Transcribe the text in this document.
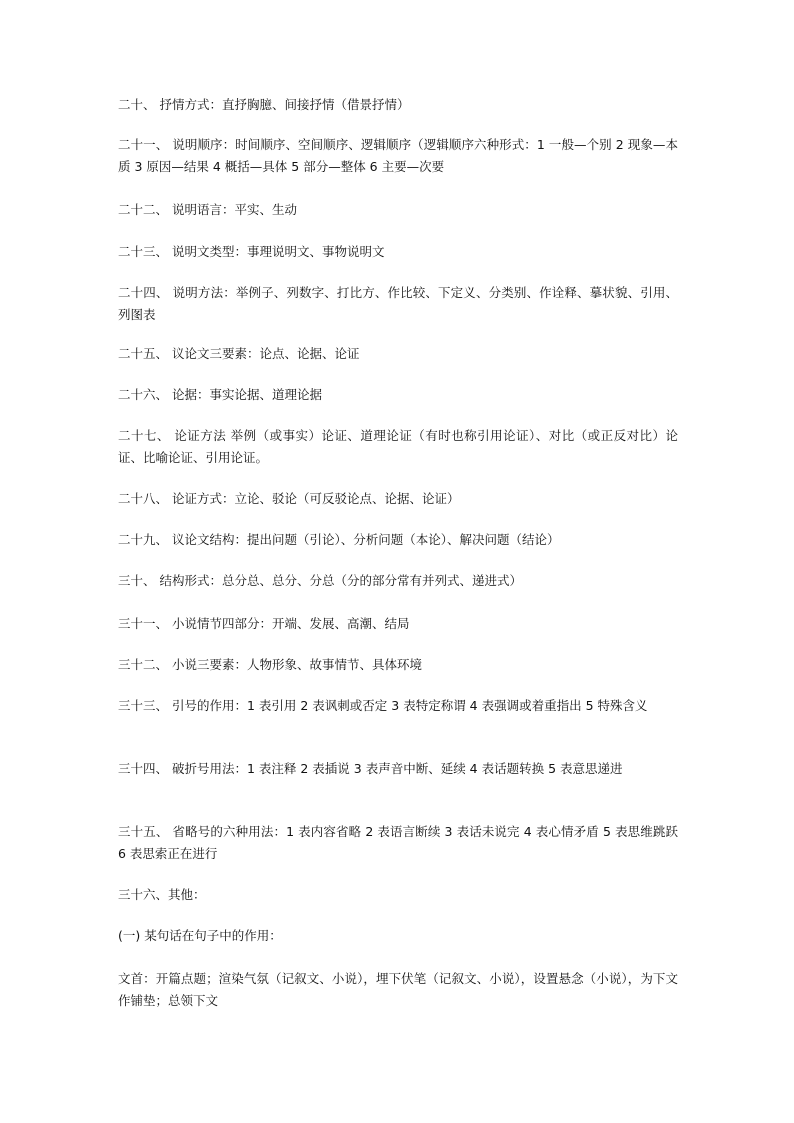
二十、 抒情方式：直抒胸臆、间接抒情（借景抒情）

二十一、 说明顺序：时间顺序、空间顺序、逻辑顺序（逻辑顺序六种形式：1 一般—个别 2 现象—本质 3 原因—结果 4 概括—具体 5 部分—整体 6 主要—次要

二十二、 说明语言：平实、生动

二十三、 说明文类型：事理说明文、事物说明文

二十四、 说明方法：举例子、列数字、打比方、作比较、下定义、分类别、作诠释、摹状貌、引用、列图表

二十五、 议论文三要素：论点、论据、论证

二十六、 论据：事实论据、道理论据

二十七、 论证方法 举例（或事实）论证、道理论证（有时也称引用论证）、对比（或正反对比）论证、比喻论证、引用论证。

二十八、 论证方式：立论、驳论（可反驳论点、论据、论证）

二十九、 议论文结构：提出问题（引论）、分析问题（本论）、解决问题（结论）

三十、 结构形式：总分总、总分、分总（分的部分常有并列式、递进式）

三十一、 小说情节四部分：开端、发展、高潮、结局

三十二、 小说三要素：人物形象、故事情节、具体环境

三十三、 引号的作用：1 表引用 2 表讽刺或否定 3 表特定称谓 4 表强调或着重指出 5 特殊含义

三十四、 破折号用法：1 表注释 2 表插说 3 表声音中断、延续 4 表话题转换 5 表意思递进

三十五、 省略号的六种用法：1 表内容省略 2 表语言断续 3 表话未说完 4 表心情矛盾 5 表思维跳跃 6 表思索正在进行

三十六、其他：

(一) 某句话在句子中的作用：

文首：开篇点题；渲染气氛（记叙文、小说），埋下伏笔（记叙文、小说），设置悬念（小说），为下文作铺垫；总领下文
